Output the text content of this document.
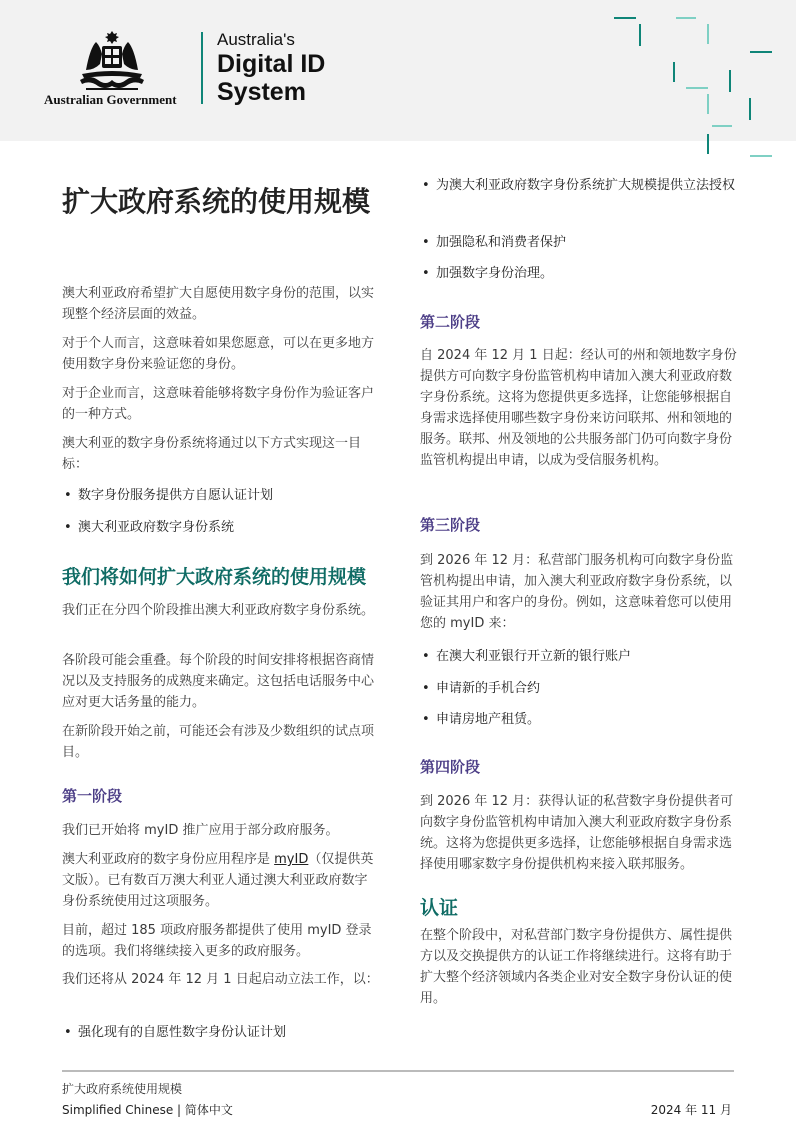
Australian Government
Australia's
Digital ID
System
扩大政府系统的使用规模

澳大利亚政府希望扩大自愿使用数字身份的范围，以实现整个经济层面的效益。

对于个人而言，这意味着如果您愿意，可以在更多地方使用数字身份来验证您的身份。

对于企业而言，这意味着能够将数字身份作为验证客户的一种方式。

澳大利亚的数字身份系统将通过以下方式实现这一目标：

• 数字身份服务提供方自愿认证计划
• 澳大利亚政府数字身份系统
我们将如何扩大政府系统的使用规模

我们正在分四个阶段推出澳大利亚政府数字身份系统。

各阶段可能会重叠。每个阶段的时间安排将根据咨商情况以及支持服务的成熟度来确定。这包括电话服务中心应对更大话务量的能力。

在新阶段开始之前，可能还会有涉及少数组织的试点项目。

第一阶段

我们已开始将 myID 推广应用于部分政府服务。

澳大利亚政府的数字身份应用程序是 myID（仅提供英文版）。已有数百万澳大利亚人通过澳大利亚政府数字身份系统使用过这项服务。

目前，超过 185 项政府服务都提供了使用 myID 登录的选项。我们将继续接入更多的政府服务。

我们还将从 2024 年 12 月 1 日起启动立法工作，以：

• 强化现有的自愿性数字身份认证计划
• 为澳大利亚政府数字身份系统扩大规模提供立法授权
• 加强隐私和消费者保护
• 加强数字身份治理。
第二阶段

自 2024 年 12 月 1 日起：经认可的州和领地数字身份提供方可向数字身份监管机构申请加入澳大利亚政府数字身份系统。这将为您提供更多选择，让您能够根据自身需求选择使用哪些数字身份来访问联邦、州和领地的服务。联邦、州及领地的公共服务部门仍可向数字身份监管机构提出申请，以成为受信服务机构。

第三阶段

到 2026 年 12 月：私营部门服务机构可向数字身份监管机构提出申请，加入澳大利亚政府数字身份系统，以验证其用户和客户的身份。例如，这意味着您可以使用您的 myID 来：

• 在澳大利亚银行开立新的银行账户
• 申请新的手机合约
• 申请房地产租赁。
第四阶段

到 2026 年 12 月：获得认证的私营数字身份提供者可向数字身份监管机构申请加入澳大利亚政府数字身份系统。这将为您提供更多选择，让您能够根据自身需求选择使用哪家数字身份提供机构来接入联邦服务。

认证

在整个阶段中，对私营部门数字身份提供方、属性提供方以及交换提供方的认证工作将继续进行。这将有助于扩大整个经济领域内各类企业对安全数字身份认证的使用。

扩大政府系统使用规模
Simplified Chinese | 简体中文	2024 年 11 月
